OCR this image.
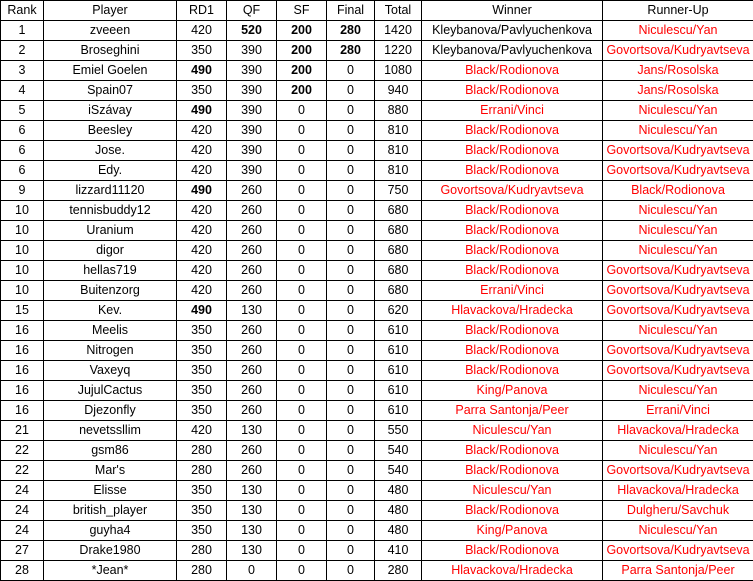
Rank	Player	RD1	QF	SF	Final	Total	Winner	Runner-Up
1	zveeen	420	520	200	280	1420	Kleybanova/Pavlyuchenkova	Niculescu/Yan
2	Broseghini	350	390	200	280	1220	Kleybanova/Pavlyuchenkova	Govortsova/Kudryavtseva
3	Emiel Goelen	490	390	200	0	1080	Black/Rodionova	Jans/Rosolska
4	Spain07	350	390	200	0	940	Black/Rodionova	Jans/Rosolska
5	iSzávay	490	390	0	0	880	Errani/Vinci	Niculescu/Yan
6	Beesley	420	390	0	0	810	Black/Rodionova	Niculescu/Yan
6	Jose.	420	390	0	0	810	Black/Rodionova	Govortsova/Kudryavtseva
6	Edy.	420	390	0	0	810	Black/Rodionova	Govortsova/Kudryavtseva
9	lizzard11120	490	260	0	0	750	Govortsova/Kudryavtseva	Black/Rodionova
10	tennisbuddy12	420	260	0	0	680	Black/Rodionova	Niculescu/Yan
10	Uranium	420	260	0	0	680	Black/Rodionova	Niculescu/Yan
10	digor	420	260	0	0	680	Black/Rodionova	Niculescu/Yan
10	hellas719	420	260	0	0	680	Black/Rodionova	Govortsova/Kudryavtseva
10	Buitenzorg	420	260	0	0	680	Errani/Vinci	Govortsova/Kudryavtseva
15	Kev.	490	130	0	0	620	Hlavackova/Hradecka	Govortsova/Kudryavtseva
16	Meelis	350	260	0	0	610	Black/Rodionova	Niculescu/Yan
16	Nitrogen	350	260	0	0	610	Black/Rodionova	Govortsova/Kudryavtseva
16	Vaxeyq	350	260	0	0	610	Black/Rodionova	Govortsova/Kudryavtseva
16	JujulCactus	350	260	0	0	610	King/Panova	Niculescu/Yan
16	Djezonfly	350	260	0	0	610	Parra Santonja/Peer	Errani/Vinci
21	nevetssllim	420	130	0	0	550	Niculescu/Yan	Hlavackova/Hradecka
22	gsm86	280	260	0	0	540	Black/Rodionova	Niculescu/Yan
22	Mar's	280	260	0	0	540	Black/Rodionova	Govortsova/Kudryavtseva
24	Elisse	350	130	0	0	480	Niculescu/Yan	Hlavackova/Hradecka
24	british_player	350	130	0	0	480	Black/Rodionova	Dulgheru/Savchuk
24	guyha4	350	130	0	0	480	King/Panova	Niculescu/Yan
27	Drake1980	280	130	0	0	410	Black/Rodionova	Govortsova/Kudryavtseva
28	*Jean*	280	0	0	0	280	Hlavackova/Hradecka	Parra Santonja/Peer
